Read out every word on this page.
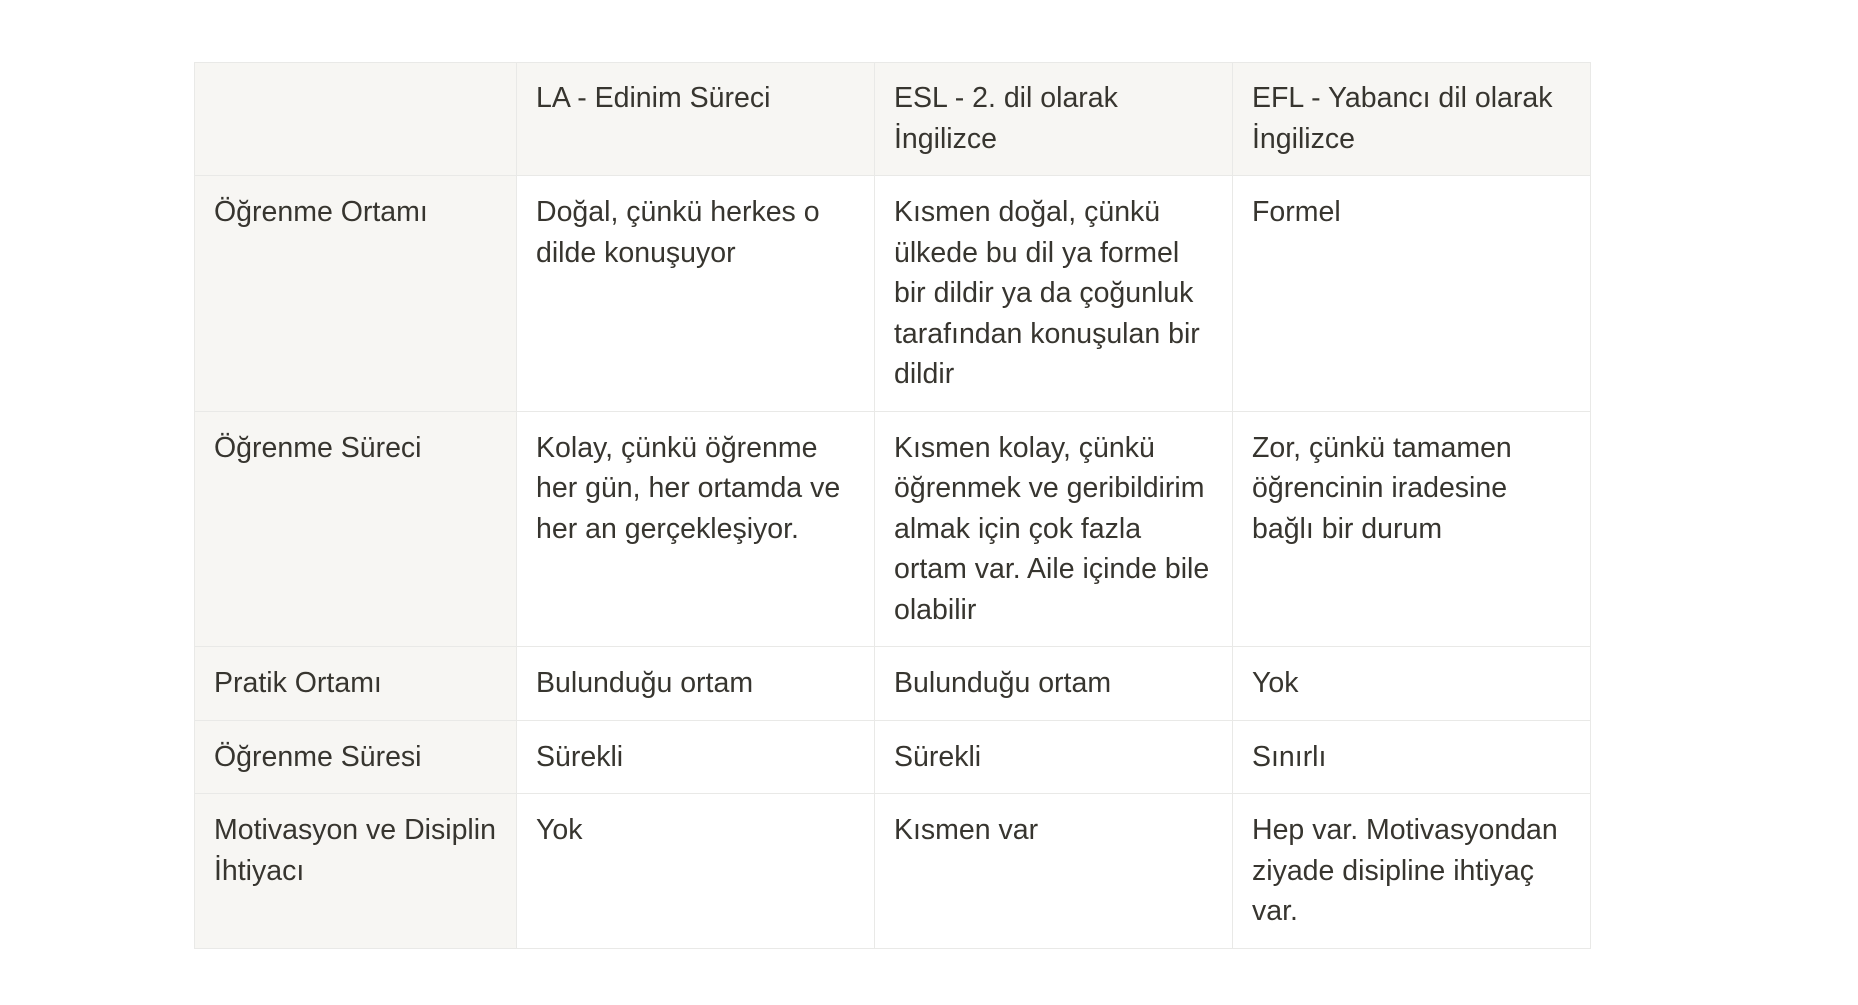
	LA - Edinim Süreci	ESL - 2. dil olarak İngilizce	EFL - Yabancı dil olarak İngilizce
Öğrenme Ortamı	Doğal, çünkü herkes o dilde konuşuyor	Kısmen doğal, çünkü ülkede bu dil ya formel bir dildir ya da çoğunluk tarafından konuşulan bir dildir	Formel
Öğrenme Süreci	Kolay, çünkü öğrenme her gün, her ortamda ve her an gerçekleşiyor.	Kısmen kolay, çünkü öğrenmek ve geribildirim almak için çok fazla ortam var. Aile içinde bile olabilir	Zor, çünkü tamamen öğrencinin iradesine bağlı bir durum
Pratik Ortamı	Bulunduğu ortam	Bulunduğu ortam	Yok
Öğrenme Süresi	Sürekli	Sürekli	Sınırlı
Motivasyon ve Disiplin İhtiyacı	Yok	Kısmen var	Hep var. Motivasyondan ziyade disipline ihtiyaç var.
